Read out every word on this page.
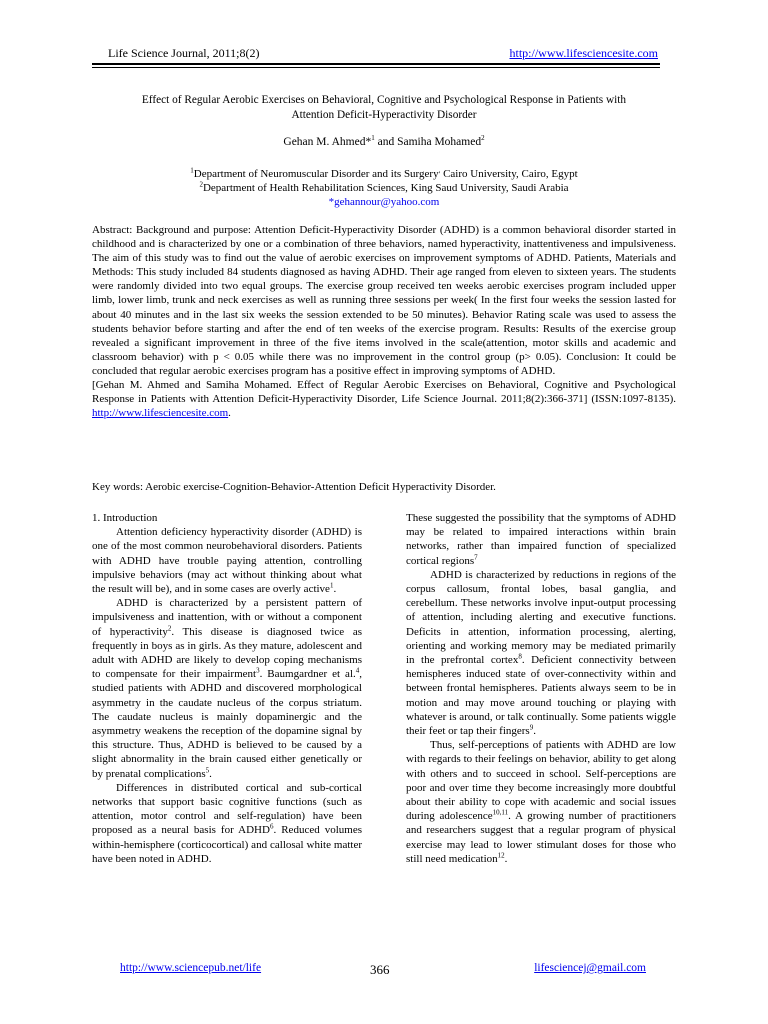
Life Science Journal, 2011;8(2)	http://www.lifesciencesite.com
Effect of Regular Aerobic Exercises on Behavioral, Cognitive and Psychological Response in Patients with
Attention Deficit-Hyperactivity Disorder
Gehan M. Ahmed*$^1$ and Samiha Mohamed$^2$
$^1$Department of Neuromuscular Disorder and its Surgery, Cairo University, Cairo, Egypt
$^2$Department of Health Rehabilitation Sciences, King Saud University, Saudi Arabia
*gehannour@yahoo.com

Abstract: Background and purpose: Attention Deficit-Hyperactivity Disorder (ADHD) is a common behavioral disorder started in childhood and is characterized by one or a combination of three behaviors, named hyperactivity, inattentiveness and impulsiveness. The aim of this study was to find out the value of aerobic exercises on improvement symptoms of ADHD. Patients, Materials and Methods: This study included 84 students diagnosed as having ADHD. Their age ranged from eleven to sixteen years. The students were randomly divided into two equal groups. The exercise group received ten weeks aerobic exercises program included upper limb, lower limb, trunk and neck exercises as well as running three sessions per week( In the first four weeks the session lasted for about 40 minutes and in the last six weeks the session extended to be 50 minutes). Behavior Rating scale was used to assess the students behavior before starting and after the end of ten weeks of the exercise program. Results: Results of the exercise group revealed a significant improvement in three of the five items involved in the scale(attention, motor skills and academic and classroom behavior) with p < 0.05 while there was no improvement in the control group (p> 0.05). Conclusion: It could be concluded that regular aerobic exercises program has a positive effect in improving symptoms of ADHD.

[Gehan M. Ahmed and Samiha Mohamed. Effect of Regular Aerobic Exercises on Behavioral, Cognitive and Psychological Response in Patients with Attention Deficit-Hyperactivity Disorder, Life Science Journal. 2011;8(2):366-371] (ISSN:1097-8135). http://www.lifesciencesite.com.

Key words: Aerobic exercise-Cognition-Behavior-Attention Deficit Hyperactivity Disorder.

1. Introduction

Attention deficiency hyperactivity disorder (ADHD) is one of the most common neurobehavioral disorders. Patients with ADHD have trouble paying attention, controlling impulsive behaviors (may act without thinking about what the result will be), and in some cases are overly active$^1$.

ADHD is characterized by a persistent pattern of impulsiveness and inattention, with or without a component of hyperactivity$^2$. This disease is diagnosed twice as frequently in boys as in girls. As they mature, adolescent and adult with ADHD are likely to develop coping mechanisms to compensate for their impairment$^3$. Baumgardner et al.$^4$, studied patients with ADHD and discovered morphological asymmetry in the caudate nucleus of the corpus striatum. The caudate nucleus is mainly dopaminergic and the asymmetry weakens the reception of the dopamine signal by this structure. Thus, ADHD is believed to be caused by a slight abnormality in the brain caused either genetically or by prenatal complications$^5$.

Differences in distributed cortical and sub-cortical networks that support basic cognitive functions (such as attention, motor control and self-regulation) have been proposed as a neural basis for ADHD$^6$. Reduced volumes within-hemisphere (corticocortical) and callosal white matter have been noted in ADHD.

These suggested the possibility that the symptoms of ADHD may be related to impaired interactions within brain networks, rather than impaired function of specialized cortical regions$^7$

ADHD is characterized by reductions in regions of the corpus callosum, frontal lobes, basal ganglia, and cerebellum. These networks involve input-output processing of attention, including alerting and executive functions. Deficits in attention, information processing, alerting, orienting and working memory may be mediated primarily in the prefrontal cortex$^8$. Deficient connectivity between hemispheres induced state of over-connectivity within and between frontal hemispheres. Patients always seem to be in motion and may move around touching or playing with whatever is around, or talk continually. Some patients wiggle their feet or tap their fingers$^9$.

Thus, self-perceptions of patients with ADHD are low with regards to their feelings on behavior, ability to get along with others and to succeed in school. Self-perceptions are poor and over time they become increasingly more doubtful about their ability to cope with academic and social issues during adolescence$^{10,11}$. A growing number of practitioners and researchers suggest that a regular program of physical exercise may lead to lower stimulant doses for those who still need medication$^{12}$.

http://www.sciencepub.net/life	366	lifesciencej@gmail.com
